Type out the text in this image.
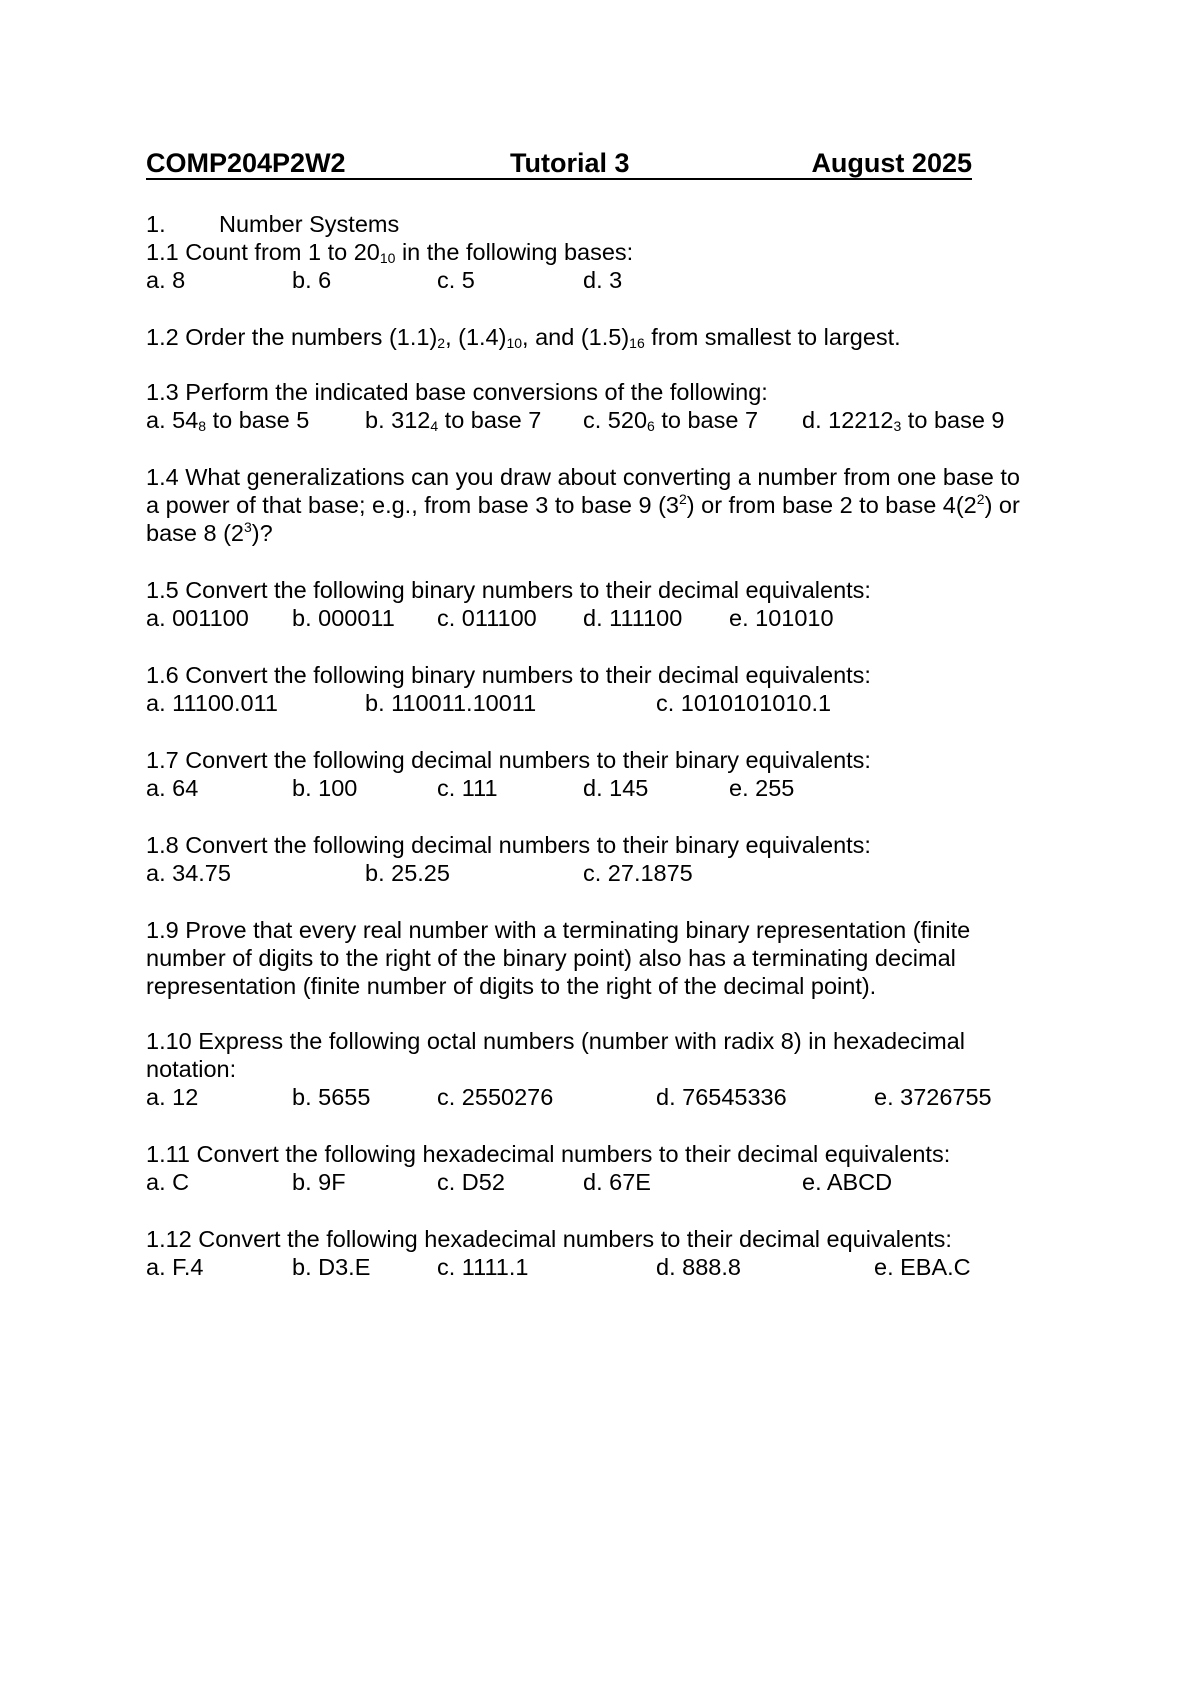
COMP204P2W2	Tutorial 3	August 2025
1. Number Systems
1.1 Count from 1 to $20_{10}$ in the following bases:
a. 8	b. 6	c. 5	d. 3
1.2 Order the numbers $(1.1)_2$, $(1.4)_{10}$, and $(1.5)_{16}$ from smallest to largest.
1.3 Perform the indicated base conversions of the following:
a. $54_8$ to base 5 b. $312_4$ to base 7 c. $520_6$ to base 7 d. $12212_3$ to base 9
1.4 What generalizations can you draw about converting a number from one base to
a power of that base; e.g., from base 3 to base 9 $(3^2)$ or from base 2 to base $4(2^2)$ or
base 8 $(2^3)$?
1.5 Convert the following binary numbers to their decimal equivalents:
a. 001100 b. 000011 c. 011100 d. 111100 e. 101010
1.6 Convert the following binary numbers to their decimal equivalents:
a. 11100.011	b. 110011.10011	c. 1010101010.1
1.7 Convert the following decimal numbers to their binary equivalents:
a. 64	b. 100	c. 111	d. 145	e. 255
1.8 Convert the following decimal numbers to their binary equivalents:
a. 34.75	b. 25.25	c. 27.1875
1.9 Prove that every real number with a terminating binary representation (finite
number of digits to the right of the binary point) also has a terminating decimal
representation (finite number of digits to the right of the decimal point).
1.10 Express the following octal numbers (number with radix 8) in hexadecimal
notation:
a. 12	b. 5655	c. 2550276	d. 76545336	e. 3726755
1.11 Convert the following hexadecimal numbers to their decimal equivalents:
a. C	b. 9F	c. D52	d. 67E	e. ABCD
1.12 Convert the following hexadecimal numbers to their decimal equivalents:
a. F.4	b. D3.E	c. 1111.1	d. 888.8	e. EBA.C
